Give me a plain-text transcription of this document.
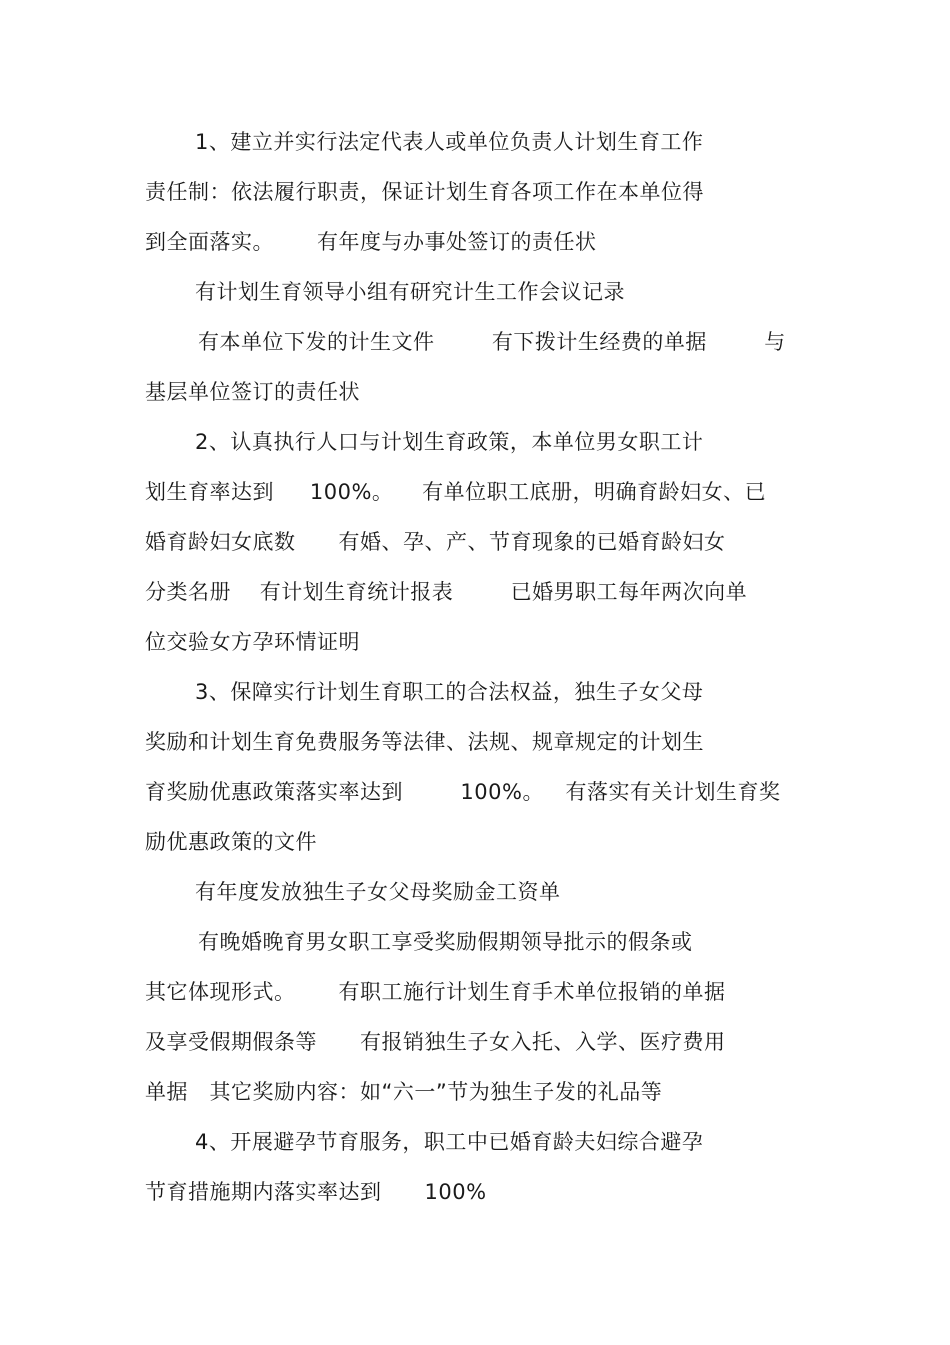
1、建立并实行法定代表人或单位负责人计划生育工作
责任制：依法履行职责，保证计划生育各项工作在本单位得
到全面落实。      有年度与办事处签订的责任状
有计划生育领导小组有研究计生工作会议记录
有本单位下发的计生文件        有下拨计生经费的单据        与
基层单位签订的责任状
2、认真执行人口与计划生育政策，本单位男女职工计
划生育率达到     100%。    有单位职工底册，明确育龄妇女、已
婚育龄妇女底数      有婚、孕、产、节育现象的已婚育龄妇女
分类名册    有计划生育统计报表        已婚男职工每年两次向单
位交验女方孕环情证明
3、保障实行计划生育职工的合法权益，独生子女父母
奖励和计划生育免费服务等法律、法规、规章规定的计划生
育奖励优惠政策落实率达到        100%。   有落实有关计划生育奖
励优惠政策的文件
有年度发放独生子女父母奖励金工资单
有晚婚晚育男女职工享受奖励假期领导批示的假条或
其它体现形式。      有职工施行计划生育手术单位报销的单据
及享受假期假条等      有报销独生子女入托、入学、医疗费用
单据   其它奖励内容：如“六一”节为独生子发的礼品等
4、开展避孕节育服务，职工中已婚育龄夫妇综合避孕
节育措施期内落实率达到      100%
